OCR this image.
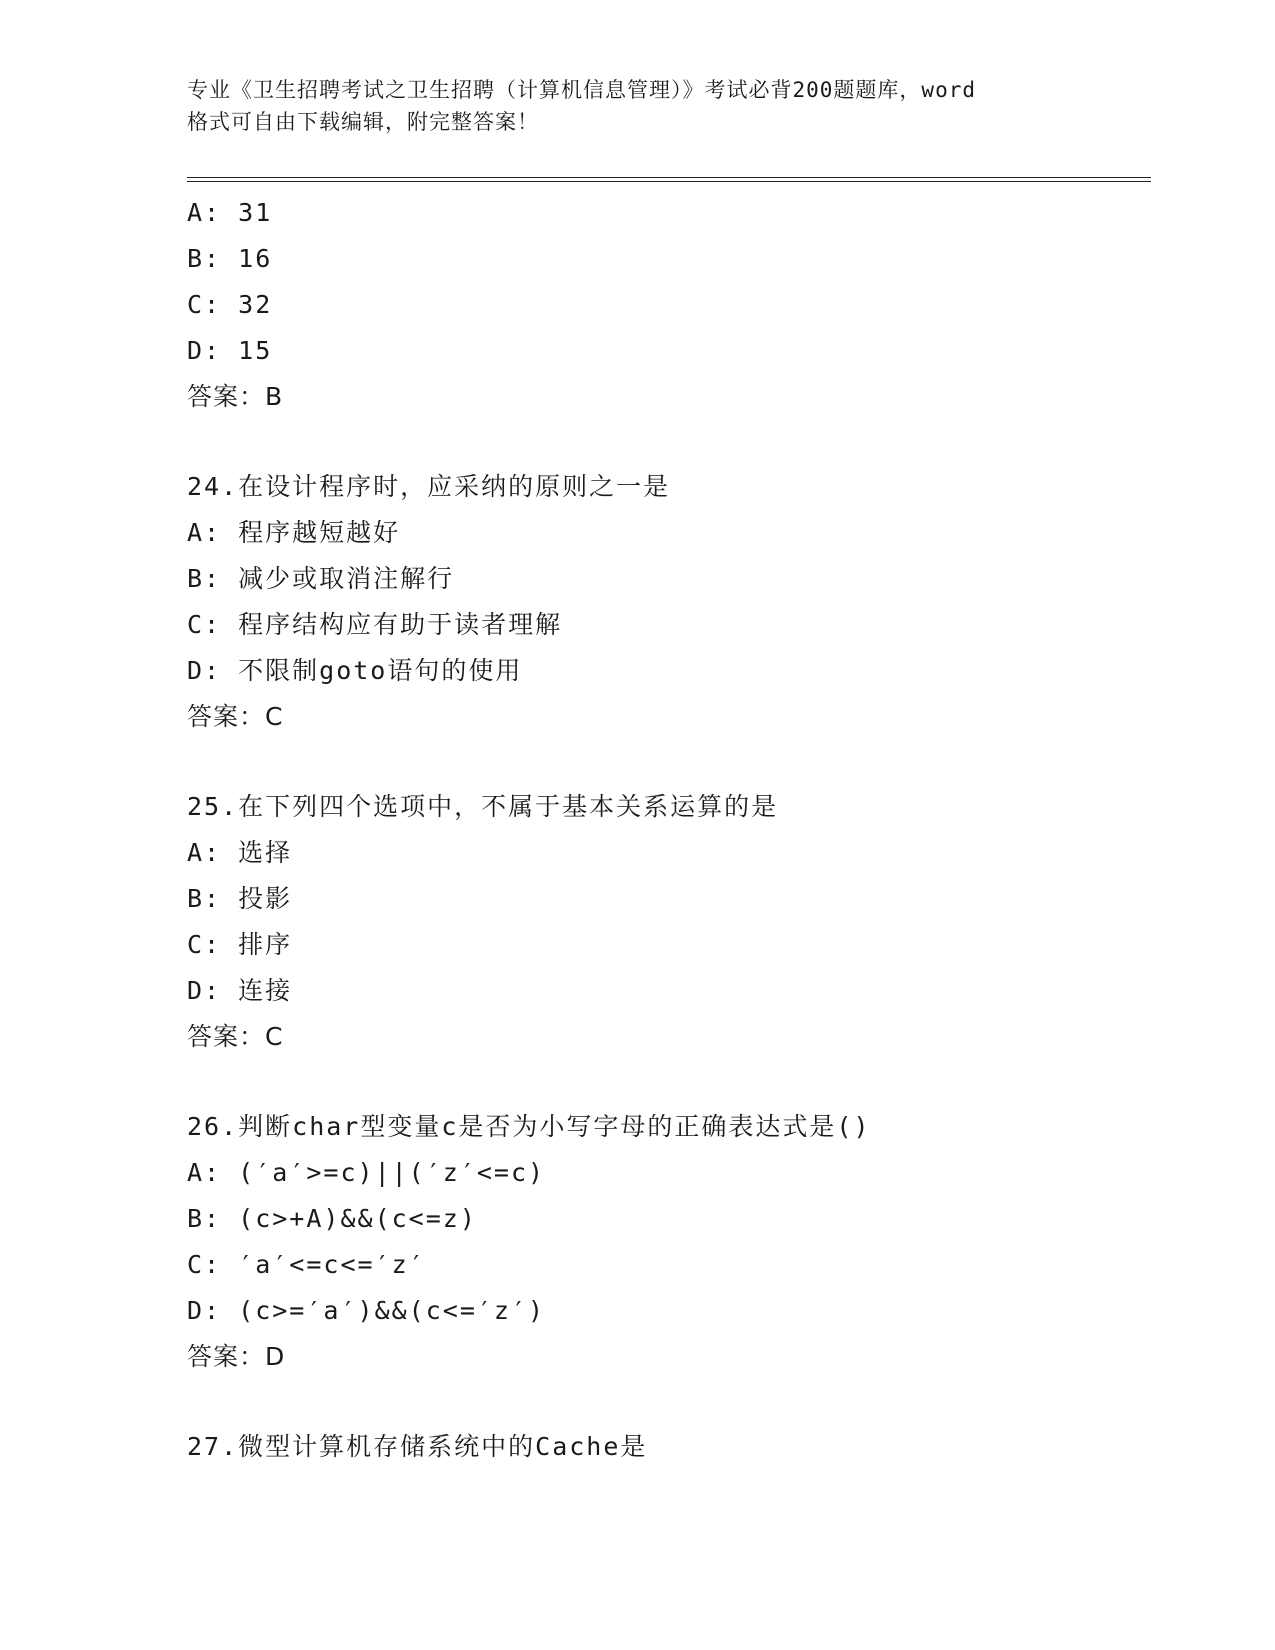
专业《卫生招聘考试之卫生招聘（计算机信息管理）》考试必背200题题库，word
格式可自由下载编辑，附完整答案！
A: 31
B: 16
C: 32
D: 15
答案：B
24.在设计程序时，应采纳的原则之一是
A: 程序越短越好
B: 减少或取消注解行
C: 程序结构应有助于读者理解
D: 不限制goto语句的使用
答案：C
25.在下列四个选项中，不属于基本关系运算的是
A: 选择
B: 投影
C: 排序
D: 连接
答案：C
26.判断char型变量c是否为小写字母的正确表达式是()
A: (′a′>=c)||(′z′<=c)
B: (c>+A)&&(c<=z)
C: ′a′<=c<=′z′
D: (c>=′a′)&&(c<=′z′)
答案：D
27.微型计算机存储系统中的Cache是
